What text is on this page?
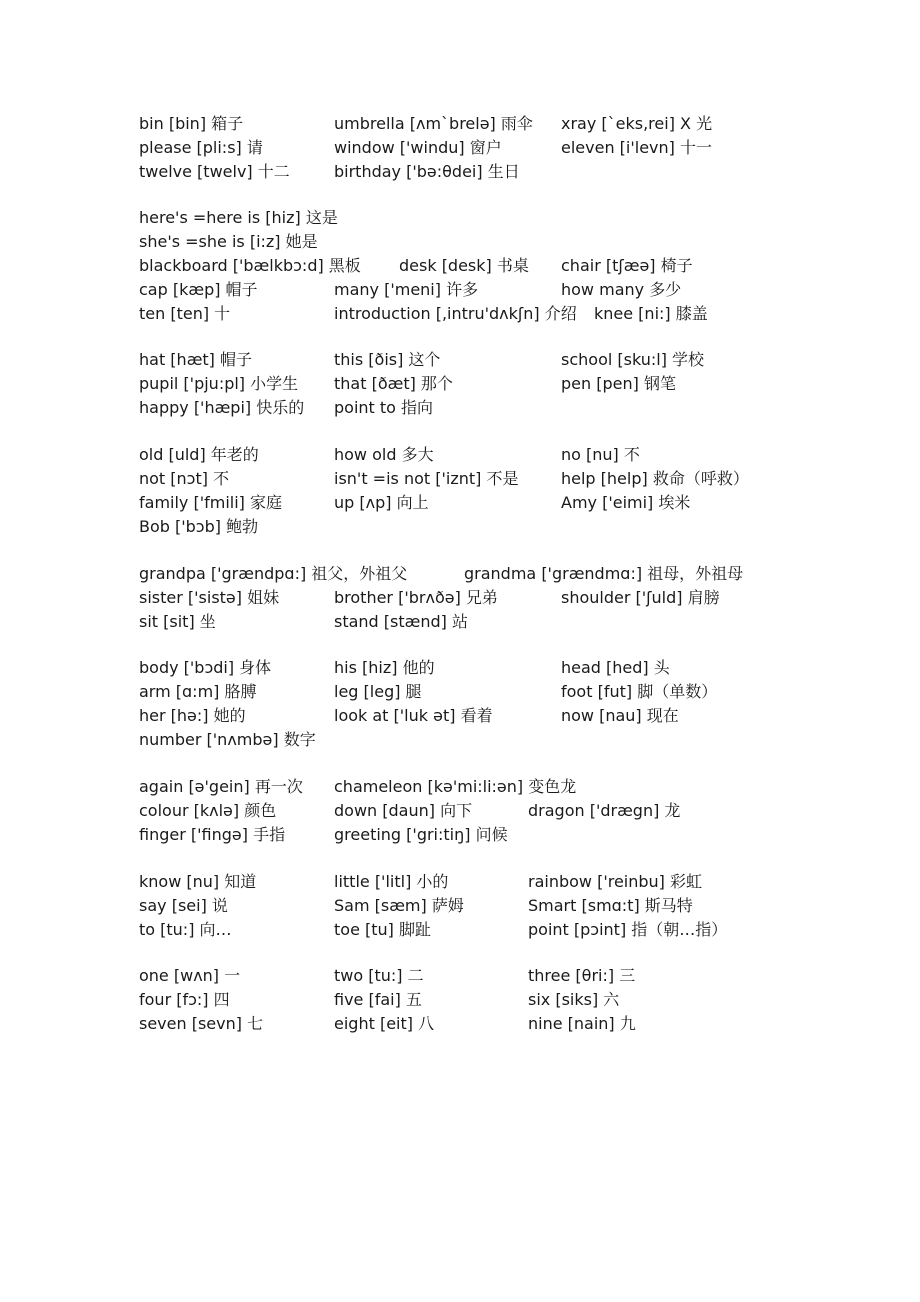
bin [bin] 箱子	umbrella [ʌm`brelə] 雨伞 xray [`eks,rei] X 光
please [pli:s] 请	window ['windu] 窗户	eleven [i'levn] 十一
twelve [twelv] 十二	birthday ['bə:θdei] 生日
here's =here is [hiz] 这是
she's =she is [i:z] 她是
blackboard ['bælkbɔ:d] 黑板 desk [desk] 书桌 chair [tʃæə] 椅子
cap [kæp] 帽子	many ['meni] 许多	how many 多少
ten [ten] 十	introduction [,intru'dʌkʃn] 介绍 knee [ni:] 膝盖
hat [hæt] 帽子	this [ðis] 这个	school [sku:l] 学校
pupil ['pju:pl] 小学生 that [ðæt] 那个	pen [pen] 钢笔
happy ['hæpi] 快乐的 point to 指向
old [uld] 年老的	how old 多大	no [nu] 不
not [nɔt] 不	isn't =is not ['iznt] 不是	help [help] 救命（呼救）
family ['fmili] 家庭	up [ʌp] 向上	Amy ['eimi] 埃米
Bob ['bɔb] 鲍勃
grandpa ['grændpɑ:] 祖父，外祖父	grandma ['grændmɑ:] 祖母，外祖母
sister ['sistə] 姐妹	brother ['brʌðə] 兄弟	shoulder ['ʃuld] 肩膀
sit [sit] 坐	stand [stænd] 站
body ['bɔdi] 身体	his [hiz] 他的	head [hed] 头
arm [ɑ:m] 胳膊	leg [leg] 腿	foot [fut] 脚（单数）
her [hə:] 她的	look at ['luk ət] 看着	now [nau] 现在
number ['nʌmbə] 数字
again [ə'gein] 再一次 chameleon [kə'mi:li:ən] 变色龙
colour [kʌlə] 颜色	down [daun] 向下	dragon ['drægn] 龙
finger ['fingə] 手指	greeting ['gri:tiŋ] 问候
know [nu] 知道	little ['litl] 小的	rainbow ['reinbu] 彩虹
say [sei] 说	Sam [sæm] 萨姆	Smart [smɑ:t] 斯马特
to [tu:] 向…	toe [tu] 脚趾	point [pɔint] 指（朝…指）
one [wʌn] 一	two [tu:] 二	three [θri:] 三
four [fɔ:] 四	five [fai] 五	six [siks] 六
seven [sevn] 七	eight [eit] 八	nine [nain] 九
